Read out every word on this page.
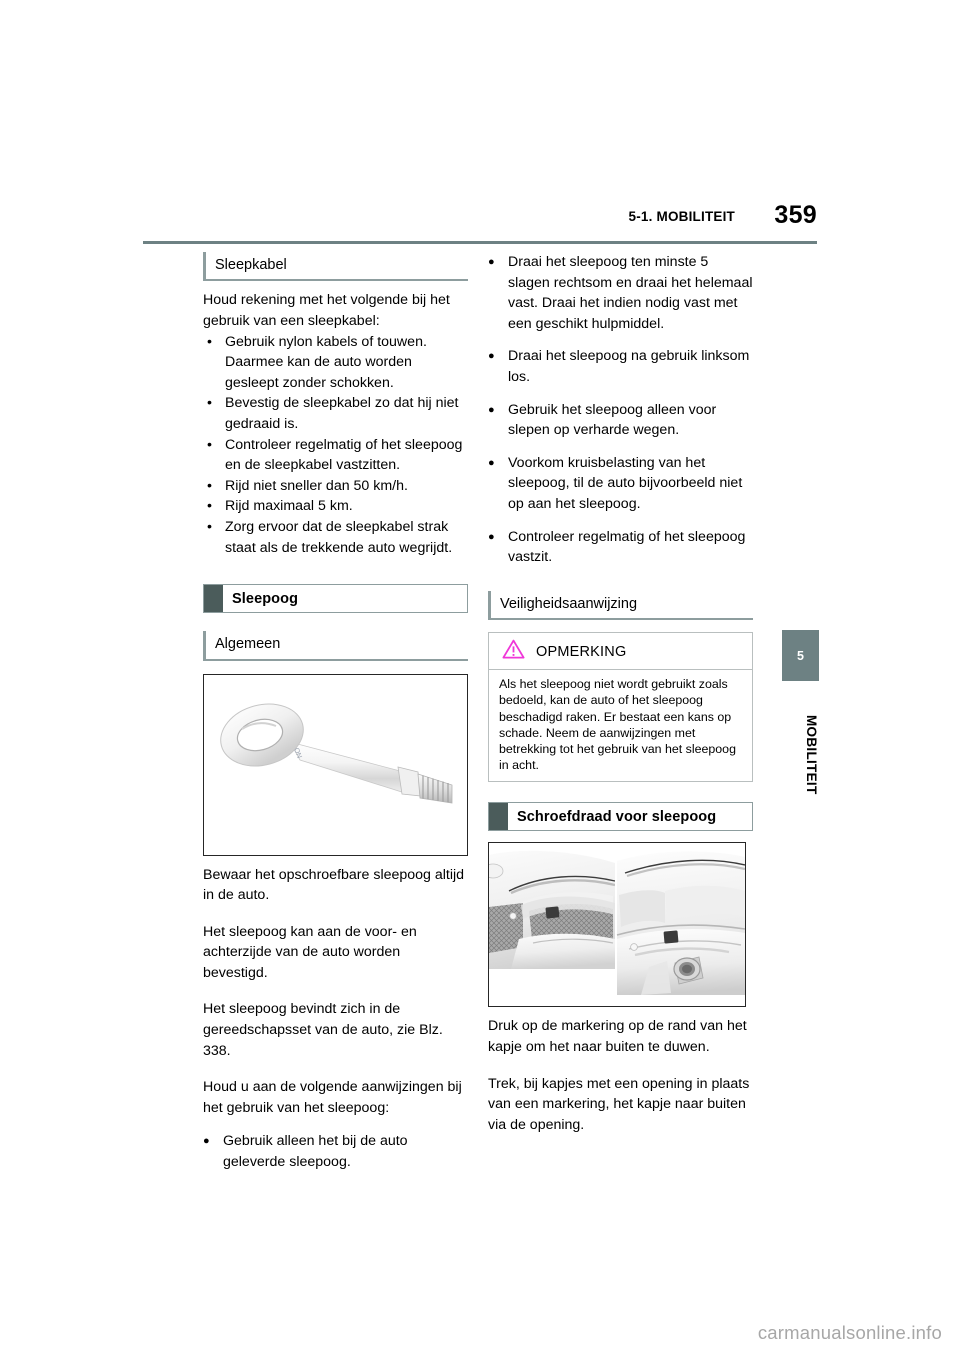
5-1. MOBILITEIT 359
Sleepkabel

Houd rekening met het volgende bij het gebruik van een sleepkabel:

• Gebruik nylon kabels of touwen. Daarmee kan de auto worden gesleept zonder schokken.
• Bevestig de sleepkabel zo dat hij niet gedraaid is.
• Controleer regelmatig of het sleepoog en de sleepkabel vastzitten.
• Rijd niet sneller dan 50 km/h.
• Rijd maximaal 5 km.
• Zorg ervoor dat de sleepkabel strak staat als de trekkende auto wegrijdt.
Sleepoog
Algemeen
ON

Bewaar het opschroefbare sleepoog altijd in de auto.

Het sleepoog kan aan de voor- en achterzijde van de auto worden bevestigd.

Het sleepoog bevindt zich in de gereedschapsset van de auto, zie Blz. 338.

Houd u aan de volgende aanwijzingen bij het gebruik van het sleepoog:

● Gebruik alleen het bij de auto geleverde sleepoog.
● Draai het sleepoog ten minste 5 slagen rechtsom en draai het helemaal vast. Draai het indien nodig vast met een geschikt hulpmiddel.
● Draai het sleepoog na gebruik linksom los.
● Gebruik het sleepoog alleen voor slepen op verharde wegen.
● Voorkom kruisbelasting van het sleepoog, til de auto bijvoorbeeld niet op aan het sleepoog.
● Controleer regelmatig of het sleepoog vastzit.
Veiligheidsaanwijzing
OPMERKING
Als het sleepoog niet wordt gebruikt zoals bedoeld, kan de auto of het sleepoog beschadigd raken. Er bestaat een kans op schade. Neem de aanwijzingen met betrekking tot het gebruik van het sleepoog in acht.
Schroefdraad voor sleepoog

Druk op de markering op de rand van het kapje om het naar buiten te duwen.

Trek, bij kapjes met een opening in plaats van een markering, het kapje naar buiten via de opening.

5
MOBILITEIT
carmanualsonline.info
